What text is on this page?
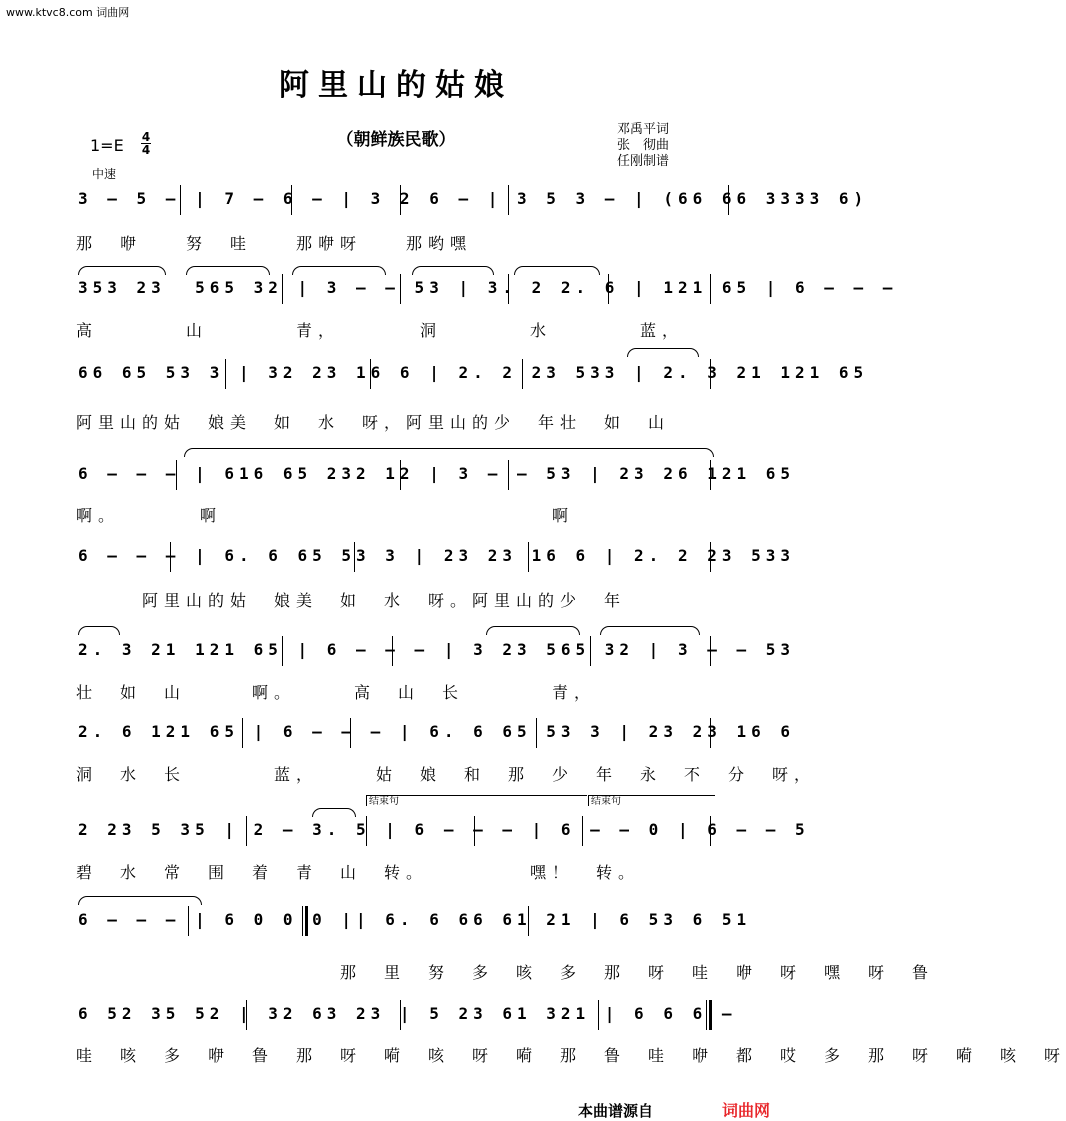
www.ktvc8.com 词曲网
阿里山的姑娘
（朝鲜族民歌）
邓禹平词
张　彻曲
任刚制谱
1=E 4
4
中速
3 – 5 – | 7 – 6 – | 3 2 6 – | 3 5 3 – | (66 66 3333 6)
那　咿　　努　哇　　那咿呀　　那哟嘿
353 23  565 32 | 3 – – 53 | 3. 2 2. 6 | 121 65 | 6 – – –
高　　　　山　　　　青，　　　　洞　　　　水　　　　蓝，
66 65 53 3 | 32 23 16 6 | 2. 2 23 533 | 2. 3 21 121 65
阿里山的姑　娘美　如　水　呀，阿里山的少　年壮　如　山
6 – – – | 616 65 232 12 | 3 – – 53 | 23 26 121 65
啊。　　　　啊　　　　　　　　　　　　　　　啊
6 – – – | 6. 6 65 53 3 | 23 23 16 6 | 2. 2 23 533
　　　阿里山的姑　娘美　如　水　呀。阿里山的少　年
2. 3 21 121 65 | 6 – – – | 3 23 565 32 | 3 – – 53
壮　如　山　　　啊。　　　高　山　长　　　　青，
2. 6 121 65 | 6 – – – | 6. 6 65 53 3 | 23 23 16 6
洞　水　长　　　　蓝，　　　姑　娘　和　那　少　年　永　不　分　呀，
结束句	结束句
2 23 5 35 | 2 – 3. 5 | 6 – – – | 6 – – 0 | 6 – – 5
碧　水　常　围　着　青　山　转。　　　　　嘿！　转。
6 – – – | 6 0 0 0 || 6. 6 66 61 21 | 6 53 6 51
　　　　　　　　　　　　那　里　努　多　咳　多　那　呀　哇　咿　呀　嘿　呀　鲁
6 52 35 52 | 32 63 23 | 5 23 61 321 | 6 6 6 –
哇　咳　多　咿　鲁　那　呀　嗬　咳　呀　嗬　那　鲁　哇　咿　都　哎　多　那　呀　嗬　咳　呀
本曲谱源自	词曲网
